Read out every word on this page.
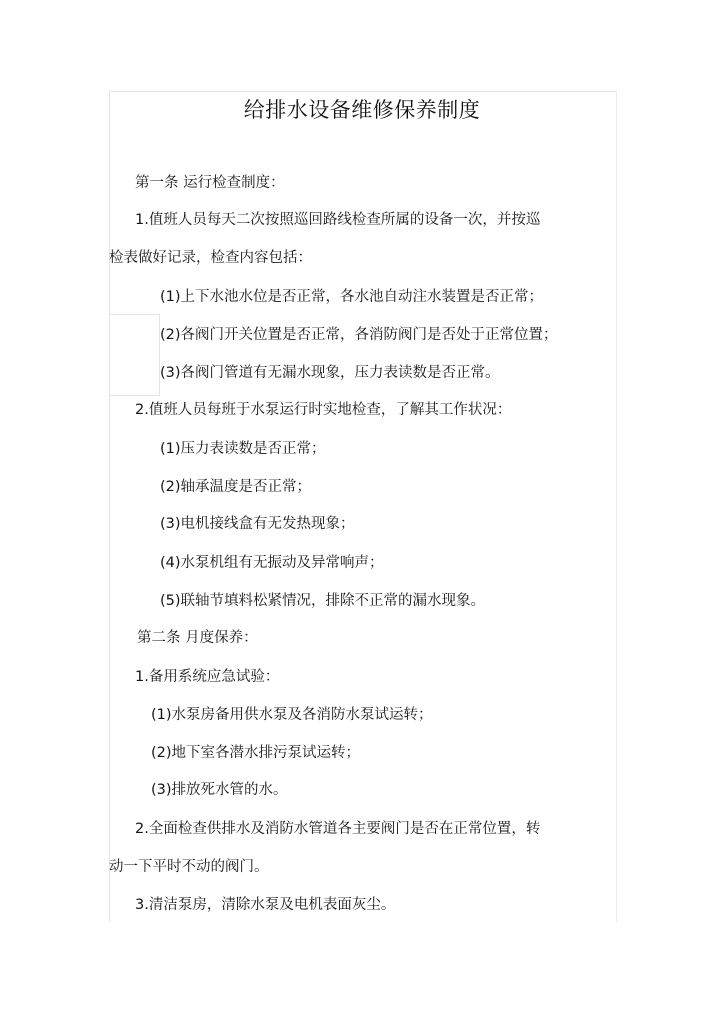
给排水设备维修保养制度
第一条 运行检查制度：
1.值班人员每天二次按照巡回路线检查所属的设备一次，并按巡
检表做好记录，检查内容包括：
(1)上下水池水位是否正常，各水池自动注水装置是否正常；
(2)各阀门开关位置是否正常，各消防阀门是否处于正常位置；
(3)各阀门管道有无漏水现象，压力表读数是否正常。
2.值班人员每班于水泵运行时实地检查，了解其工作状况：
(1)压力表读数是否正常；
(2)轴承温度是否正常；
(3)电机接线盒有无发热现象；
(4)水泵机组有无振动及异常响声；
(5)联轴节填料松紧情况，排除不正常的漏水现象。
第二条 月度保养：
1.备用系统应急试验：
(1)水泵房备用供水泵及各消防水泵试运转；
(2)地下室各潜水排污泵试运转；
(3)排放死水管的水。
2.全面检查供排水及消防水管道各主要阀门是否在正常位置，转
动一下平时不动的阀门。
3.清洁泵房，清除水泵及电机表面灰尘。
